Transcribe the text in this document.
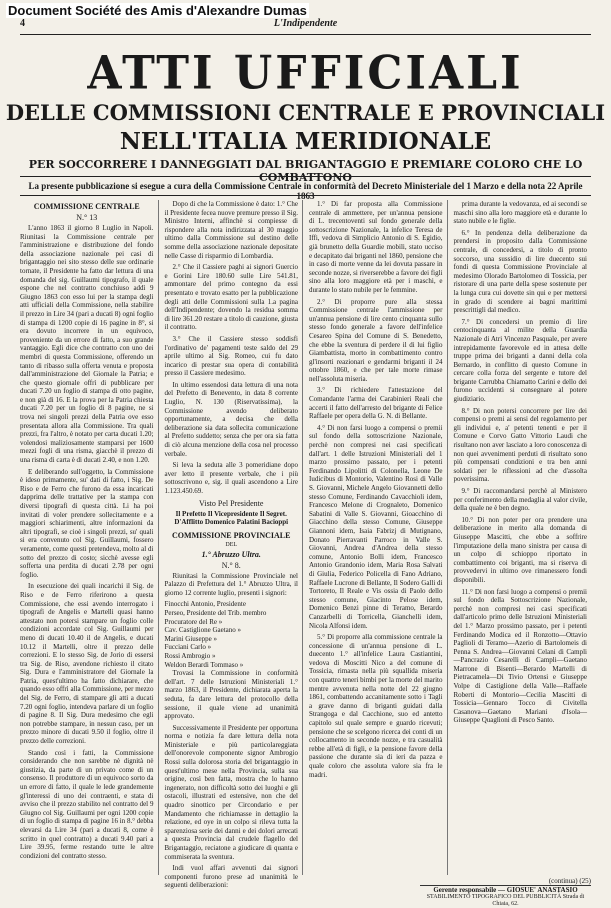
Document Société des Amis d'Alexandre Dumas
4	L'Indipendente
ATTI UFFICIALI
DELLE COMMISSIONI CENTRALE E PROVINCIALI
NELL'ITALIA MERIDIONALE
PER SOCCORRERE I DANNEGGIATI DAL BRIGANTAGGIO E PREMIARE COLORO CHE LO COMBATTONO
La presente pubblicazione si esegue a cura della Commissione Centrale in conformità del Decreto Ministeriale del 1 Marzo e della nota 22 Aprile 1863
COMMISSIONE CENTRALE
N.° 13

L'anno 1863 il giorno 8 Luglio in Napoli. Riunitasi la Commissione centrale per l'amministrazione e distribuzione del fondo della associazione nazionale pei casi di brigantaggio nei sito stesso delle sue ordinarie tornate, il Presidente ha fatto dar lettura di una domanda del sig. Guillaumi tipografo, il quale espone che nel contratto conchiuso addì 9 Giugno 1863 con esso lui per la stampa degli atti ufficiali della Commissione, nella stabilire il prezzo in Lire 34 (pari a ducati 8) ogni foglio di stampa di 1200 copie di 16 pagine in 8°, si era dovuto incorrere in un equivoco, proveniente da un errore di fatto, a suo grande vantaggio. Egli dice che contratto con uno dei membri di questa Commissione, offerendo un tanto di ribasso sulla offerta venuta e proposta dall'amministrazione del Giornale la Patria; e che questo giornale offrì di pubblicare per ducati 7.20 un foglio di stampa di otto pagine, e non già di 16. E la prova per la Patria chiesta ducati 7.20 per un foglio di 8 pagine, ne si trova nei singoli prezzi della Patria ove esso presentata allora alla Commissione. Tra quali prezzi, fra l'altro, è notato per carta ducati 1.20; volendosi maliziosamente stamparsi per 1600 mezzi fogli di una risma, giacchè il prezzo di una risma di carta è di ducati 2.40, e non 1.20.

E deliberando sull'oggetto, la Commissione è ideso primamente, su' dati di fatto, i Sig. De Riso e de Ferro che furono da essa incaricati dapprima delle trattative per la stampa con diversi tipografi di questa città. Li ha poi invitati di voler prendere sollecitamente e a maggiori schiarimenti, altre informazioni da altri tipografi, se cioè i singoli prezzi, su' quali si era convenuto col Sig. Guillaumi, fossero veramente, come questi pretendeva, molto al di sotto del prezzo di costo; sicchè avesse egli sofferta una perdita di ducati 2.78 per ogni foglio.

In esecuzione dei quali incarichi il Sig. de Riso e de Ferro riferirono a questa Commissione, che essi avendo interrogato i tipografi de Angelis e Martelli quasi hanno attestato non potersi stampare un foglio colle condizioni accordate col Sig. Guillaumi per meno di ducati 10.40 il de Angelis, e ducati 10.12 il Martelli, oltre il prezzo delle correzioni. E lo stesso Sig. de Jorio di essersi tra Sig. de Riso, avendone richiesto il citato Sig. Dura e l'amministratore del Giornale la Patria, quest'ultimo ha fatto dichiarare, che quando esso offrì alla Commissione, per mezzo del Sig. de Ferro, di stampare gli atti a ducati 7.20 ogni foglio, intendeva parlare di un foglio di pagine 8. Il Sig. Dura medesimo che egli non potrebbe stampare, in nessun caso, per un prezzo minore di ducati 9.50 il foglio, oltre il prezzo delle correzioni.

Stando così i fatti, la Commissione considerando che non sarebbe nè dignità nè giustizia, da parte di un privato come di un consenso. Il produttore di un equivoco sorto da un errore di fatto, il quale le lede grandemente gl'interessi di uno dei contraenti, e stata di avviso che il prezzo stabilito nel contratto del 9 Giugno col Sig. Guillaumi per ogni 1200 copie di un foglio di stampa di pagine 16 in 8.° debba elevarsi da Lire 34 (pari a ducati 8, come è scritto in quel contratto) a ducati 9.40 pari a Lire 39.95, ferme restando tutte le altre condizioni del contratto stesso.

Dopo di che la Commissione è dato: 1.° Che il Presidente fecea nuove premure presso il Sig. Ministro Interni, affinchè si compiesse di rispondere alla nota indirizzata al 30 maggio ultimo dalla Commissione sul destino delle somme della associazione nazionale depositate nelle Casse di risparmio di Lombardia.

2.° Che il Cassiere paghi ai signori Guercio e Gorini Lire 180.60 sulle Lire 541.81, ammontare del primo contegno da essi presentato e trovato esatto per la pubblicazione degli atti delle Commissioni sulla 1.a pagina dell'Indipendente; dovendo la residua somma di lire 361.20 restare a titolo di cauzione, giusta il contratto.

3.° Che il Cassiere stesso soddisfi l'ordinativo de' pagamenti teste saldo del 29 aprile ultimo al Sig. Romeo, cui fu dato incarico di prestar sua opera di contabilità presso il Cassiere medesimo.

In ultimo essendosi data lettura di una nota del Prefetto di Benevento, in data 8 corrente Luglio, N. 130 (Riservatissima), la Commissione avendo deliberato opportunamente, a decisa che della deliberazione sia data sollecita comunicazione al Prefetto suddetto; senza che per ora sia fatta di ciò alcuna menzione della cosa nel processo verbale.

Si leva la seduta alle 3 pomeridiane dopo aver letto il presente verbale, che i più sottoscrivono e, sig. il quali ascendono a Lire 1.123.450.69.

Visto Pel Presidente
Il Prefetto Il Vicepresidente Il Segret. D'Afflitto Domenico Palatini Bacioppi
COMMISSIONE PROVINCIALE
DEL
1.° Abruzzo Ultra.
N.° 8.

Riunitasi la Commissione Provinciale nel Palazzo di Prefettura del 1.° Abruzzo Ultra, il giorno 12 corrente luglio, presenti i signori:

Finocchi Antonio, Presidente

Perseo, Presidente del Trib. membro

Procuratore del Re »

Cav. Castiglione Gaetano »

Marini Giuseppe »

Fucciani Carlo »

Rossi Ambrogio »

Weldon Berardi Tommaso »

Trovasi la Commissione in conformità dell'art. 7 delle Istruzioni Ministeriali 1.° marzo 1863, il Presidente, dichiarata aperta la seduta, fa dare lettura del protocollo della sessione, il quale viene ad unanimità approvato.

Successivamente il Presidente per opportuna norma e notizia fa dare lettura della nota Ministeriale e più particolareggiata dell'onorevole componente signor Ambrogio Rossi sulla dolorosa storia del brigantaggio in quest'ultimo mese nella Provincia, sulla sua origine, così ben fatta, mostra che lo hanno ingenerato, non difficoltà sotto dei luoghi e gli ostacoli, illustrati ed estensive, non che del quadro sinottico per Circondario e per Mandamento che richiamasse in dettaglio la relazione, ed oye in un colpo si rileva tutta la sparenziosa serie dei danni e dei dolori arrecati a questa Provincia dal crudele flagello del Brigantaggio, reciatone a giudicare di quanta e commiserata la sventura.

Indi vuol affari avvenuti dai signori componenti furono prese ad unanimità le seguenti deliberazioni:

1.° Di far proposta alla Commissione centrale di ammettere, per un'annua pensione di L. trecentoventi sul fondo generale della sottoscrizione Nazionale, la infelice Teresa de Iffi, vedova di Simplicio Antonio di S. Egidio, già brunetto della Guardie mobili, stato ucciso e decapitato dai briganti nel 1860, pensione che in caso di morte venne da lei dovuta passare in seconde nozze, si riverserebbe a favore dei figli sino alla loro maggiore età per i maschi, e durante lo stato nubile per le femmine.

2.° Di proporre pure alla stessa Commissione centrale l'ammissione per un'annua pensione di lire cento cinquanta sullo stesso fondo generale a favore dell'infelice Cesareo Spina del Comune di S. Benedetto, che ebbe la sventura di perdere il di lui figlio Giambattista, morto in combattimento contro gl'insorti reazionari e gendarmi briganti il 24 ottobre 1860, e che per tale morte rimase nell'assoluta miseria.

3.° Di richiedere l'attestazione del Comandante l'arma dei Carabinieri Reali che accerti il fatto dell'arresto del brigante di Felice Raffaele per opera della G. N. di Bellante.

4.° Di non farsi luogo a compensi o premii sul fondo della sottoscrizione Nazionale, perchè non compresi nei casi specificati dall'art. 1 delle Istruzioni Ministeriali del 1 marzo prossimo passato, per i petenti Ferdinando Lipolitti di Colonella, Leone De Iudicibus di Montorio, Valentino Rosi di Valle S. Giovanni, Michele Angelo Giovannetti dello stesso Comune, Ferdinando Cavacchioli idem, Francesco Melone di Crognaleto, Domenico Sabatini di Valle S. Giovanni, Gioacchino di Giacchino della stesso Comune, Giuseppe Giannoni idem, Isaia Fabrizj di Mutignano, Donato Pierravanti Parroco in Valle S. Giovanni, Andrea d'Andrea della stesso comune, Antonio Bolli idem, Francesco Antonio Grandonio idem, Maria Rosa Salvati di Giulia, Federico Policella di Fano Adriano, Raffaele Lucrone di Bellante, Il Sodero Galli di Tortoreto, Il Reale e Vis ossia di Paolo dello stesso comune, Giacinto Pelose idem, Domenico Benzi pinne di Teramo, Berardo Canzarbelli di Torricella, Gianchelli idem, Nicola Alfonsi idem.

5.° Di proporre alla commissione centrale la concessione di un'annua pensione di L. duecento 1.° all'infelice Laura Castiantini, vedova di Moscitti Nico a del comune di Tossicia, rimasta nella più squallida miseria con quattro teneri bimbi per la morte del marito mentre avvenuta nella notte del 22 giugno 1861, combattendo accanitamente sotto i Tagli a grave danno di briganti guidati dalla Strangoga e dal Cacchione, suo ed antetto capitolo sul quale sempre e guardo ricevuti; pensione che se scelgono ricerca dei conti di un collocamento in seconde nozze, e tra casualità rebbe all'età di figli, e la pensione favore della passione che durante sia di ieri da pazza e quale coloro che assoluta valore sia fra le madri.

prima durante la vedovanza, ed ai secondi se maschi sino alla loro maggiore età e durante lo stato nubile e le figlie.

6.° In pendenza della deliberazione da prendersi in proposito dalla Commissione centrale, di concedersi, a titolo di pronto soccorso, una sussidio di lire duecento sui fondi di questa Commissione Provinciale al medesimo Olorado Bartolomeo di Tossicia, per ristorare di una parte della spese sostenute per la lunga cura cui dovette sin qui e per mettersi in grado di scendere ai bagni marittimi prescrittigli dal medico.

7.° Di concedersi un premio di lire centocinquanta al milite della Guardia Nazionale di Atri Vincenzo Pasquale, per avere intrepidamente favorevole ed in attesa delle truppe prima dei briganti a danni della cola Bernardo, in conflitto di questo Comune in cercare colla forza del sergente e tutore del brigante Carrubba Chiamatto Carini e dello dei furono uccidenti si consegnare al potere giudiziario.

8.° Di non potersi concorrere per lire dei compensi o premi ai sensi del regolamento per gli individui e, a' petenti tenenti e per il Comune e Corvo Gatto Vittorio Laudi che risultano non aver lasciato a loro conoscenza di non quei avvenimenti perduti di risultato sono più compensati condizioni e tra ben anni soldati per le riflessioni ad che d'assolta poverissima.

9.° Di raccomandarsi perchè al Ministero per conferimento della medaglia al valor civile, della quale ne è ben degno.

10.° Di non poter per ora prendere una deliberazione in merito alla domanda di Giuseppe Mascitti, che ebbe a soffrire l'imputazione della mano sinistra per causa di un colpo di schioppo riportato in combattimento coi briganti, ma si riserva di provvedervi in ultimo ove rimanessero fondi disponibili.

11.° Di non farsi luogo a compensi o premii sul fondo della Sottoscrizione Nazionale, perchè non compresi nei casi specificati dall'articolo primo delle Istruzioni Ministeriali del 1.° Marzo prossimo passato, per i petenti Ferdinando Modica ed il Ronzotto—Ottavio Paglioli di Teramo—Azerio di Bartolomeis di Penna S. Andrea—Giovanni Celani di Campli—Pancrazio Cesarelli di Campli—Gaetano Marrone di Bisenti—Berardo Martelli di Pietracamela—Di Tivio Ortensi e Giuseppe Volpe di Castiglione della Valle—Raffaele Roberti di Montorio—Cecilia Mascitti di Tossicia—Gennaro Tocco di Civitella Casanova—Gaetano Mariani d'Isola—Giuseppe Quaglioni di Pesco Santo.

(continua) (25)
Gerente responsabile — GIOSUE' ANASTASIO
STABILIMENTO TIPOGRAFICO DEL PUBBLICITÀ Strada di Chiaia, 62.
